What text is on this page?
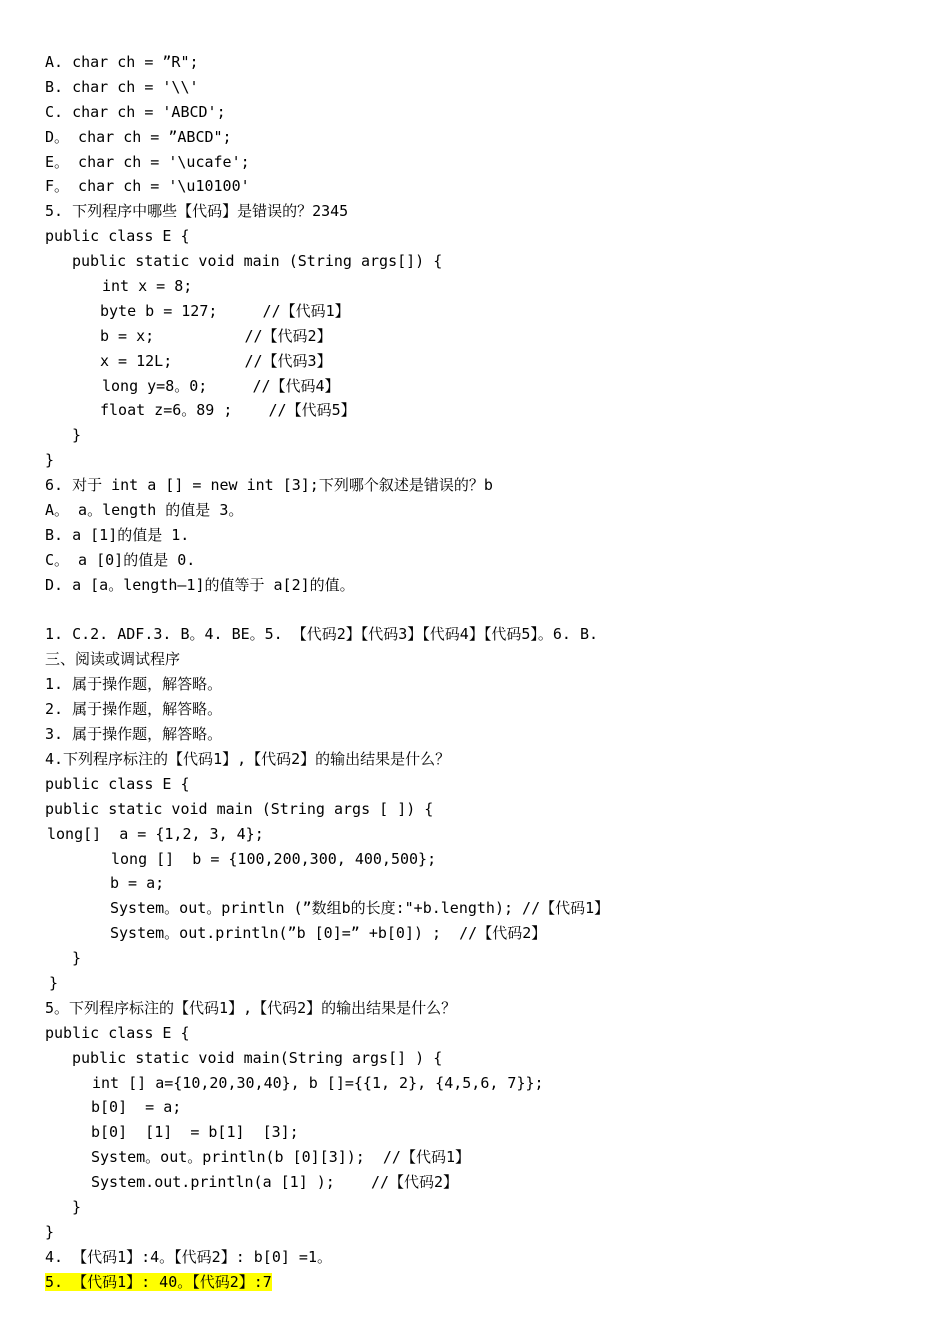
A. char ch = ”R";
B. char ch = '\\'
C. char ch = 'ABCD';
D。 char ch = ”ABCD";
E。 char ch = '\ucafe';
F。 char ch = '\u10100'
5. 下列程序中哪些【代码】是错误的？2345
public class E {
public static void main (String args[]) {
int x = 8;
byte b = 127;     //【代码1】
b = x;          //【代码2】
x = 12L;        //【代码3】
long y=8。0;     //【代码4】
float z=6。89 ;    //【代码5】
}
}
6. 对于 int a [] = new int [3];下列哪个叙述是错误的？b
A。 a。length 的值是 3。
B. a [1]的值是 1.
C。 a [0]的值是 0.
D. a [a。length—1]的值等于 a[2]的值。
1. C.2. ADF.3. B。4. BE。5. 【代码2】【代码3】【代码4】【代码5】。6. B.
三、阅读或调试程序
1. 属于操作题，解答略。
2. 属于操作题，解答略。
3. 属于操作题，解答略。
4.下列程序标注的【代码1】,【代码2】的输出结果是什么？
public class E {
public static void main (String args [ ]) {
long[]  a = {1,2, 3, 4};
long []  b = {100,200,300, 400,500};
b = a;
System。out。println (”数组b的长度:"+b.length); //【代码1】
System。out.println(”b [0]=” +b[0]) ;  //【代码2】
}
}
5。下列程序标注的【代码1】,【代码2】的输出结果是什么？
public class E {
public static void main(String args[] ) {
int [] a={10,20,30,40}, b []={{1, 2}, {4,5,6, 7}};
b[0]  = a;
b[0]  [1]  = b[1]  [3];
System。out。println(b [0][3]);  //【代码1】
System.out.println(a [1] );    //【代码2】
}
}
4. 【代码1】:4。【代码2】: b[0] =1。
5. 【代码1】: 40。【代码2】:7
